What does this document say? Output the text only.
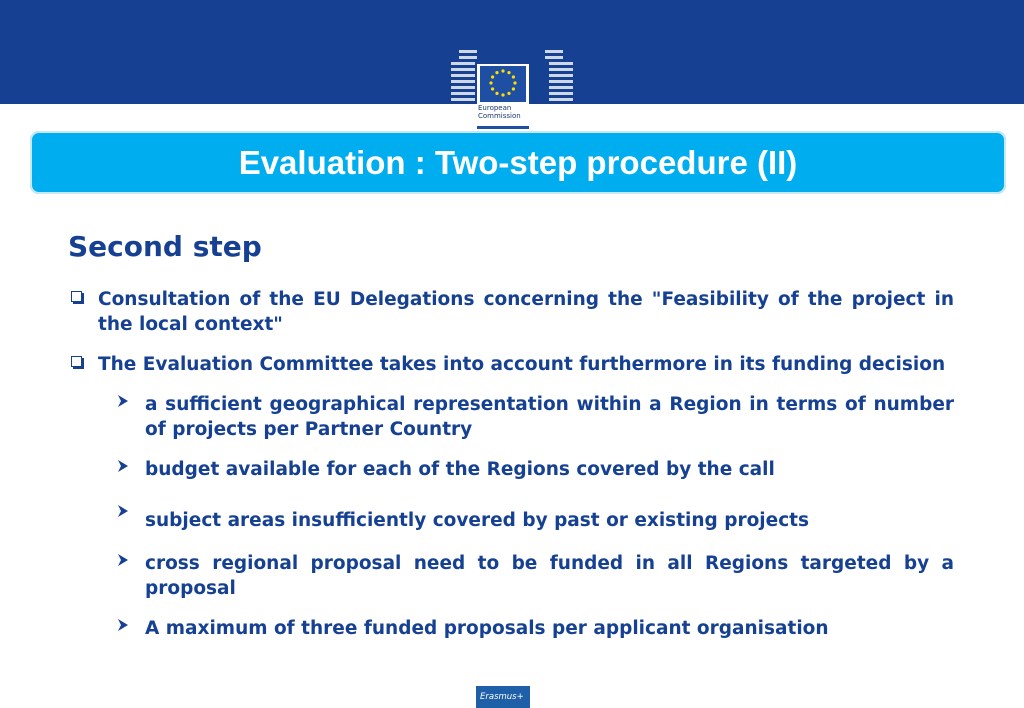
European
Commission
Evaluation : Two-step procedure (II)
Second step
Consultation of the EU Delegations concerning the "Feasibility of the project in the local context"
The Evaluation Committee takes into account furthermore in its funding decision
a sufficient geographical representation within a Region in terms of number of projects per Partner Country
budget available for each of the Regions covered by the call
subject areas insufficiently covered by past or existing projects
cross regional proposal need to be funded in all Regions targeted by a proposal
A maximum of three funded proposals per applicant organisation
Erasmus+
